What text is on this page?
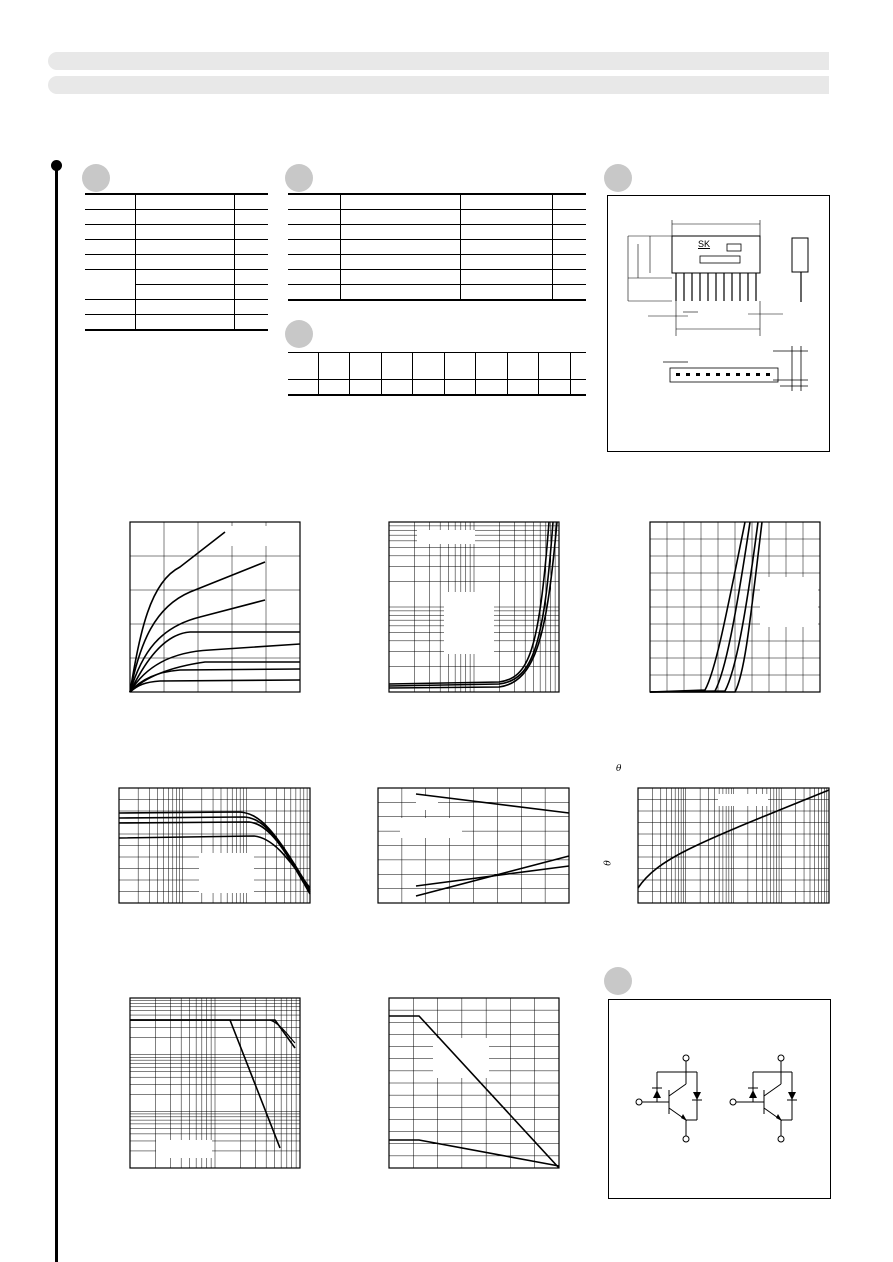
SK
θ
θ
